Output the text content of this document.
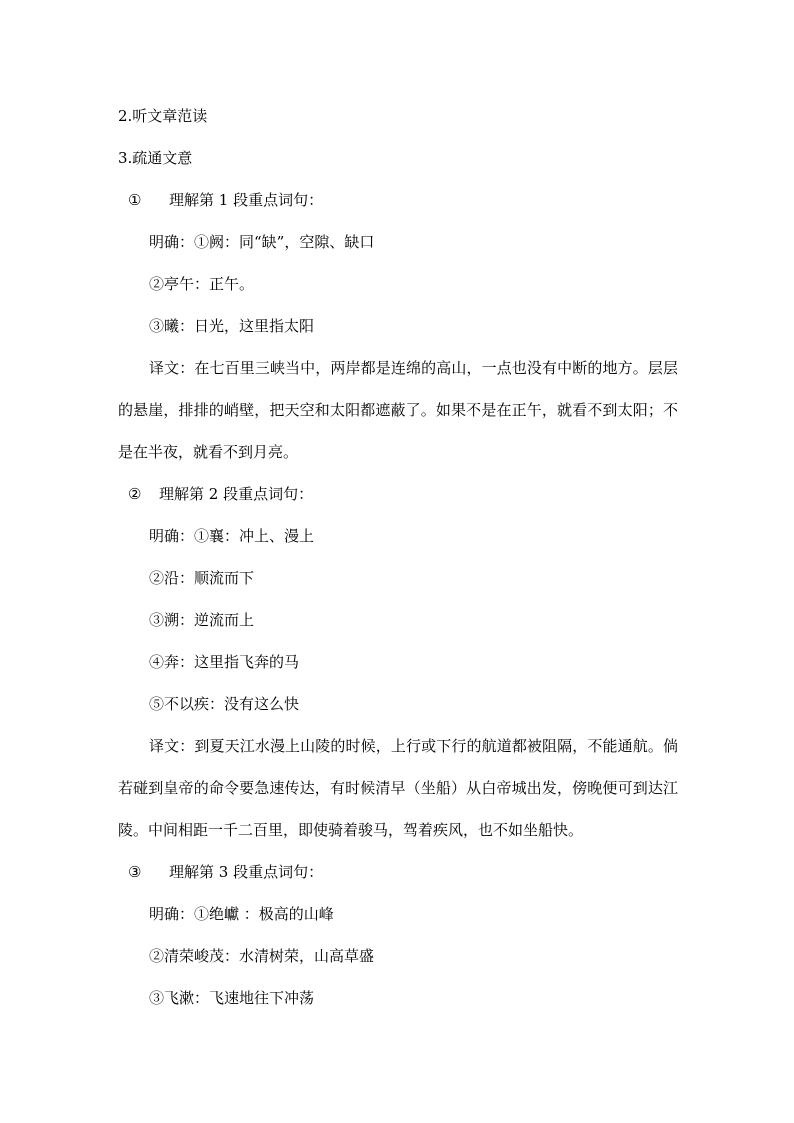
2.听文章范读
3.疏通文意
① 理解第 1 段重点词句：
明确：①阙：同“缺”，空隙、缺口
②亭午：正午。
③曦：日光，这里指太阳
译文：在七百里三峡当中，两岸都是连绵的高山，一点也没有中断的地方。层层的悬崖，排排的峭壁，把天空和太阳都遮蔽了。如果不是在正午，就看不到太阳；不是在半夜，就看不到月亮。
② 理解第 2 段重点词句：
明确：①襄：冲上、漫上
②沿：顺流而下
③溯：逆流而上
④奔：这里指飞奔的马
⑤不以疾：没有这么快
译文：到夏天江水漫上山陵的时候，上行或下行的航道都被阻隔，不能通航。倘若碰到皇帝的命令要急速传达，有时候清早（坐船）从白帝城出发，傍晚便可到达江陵。中间相距一千二百里，即使骑着骏马，驾着疾风，也不如坐船快。
③ 理解第 3 段重点词句：
明确：①绝巘 ：极高的山峰
②清荣峻茂：水清树荣，山高草盛
③飞漱：飞速地往下冲荡
